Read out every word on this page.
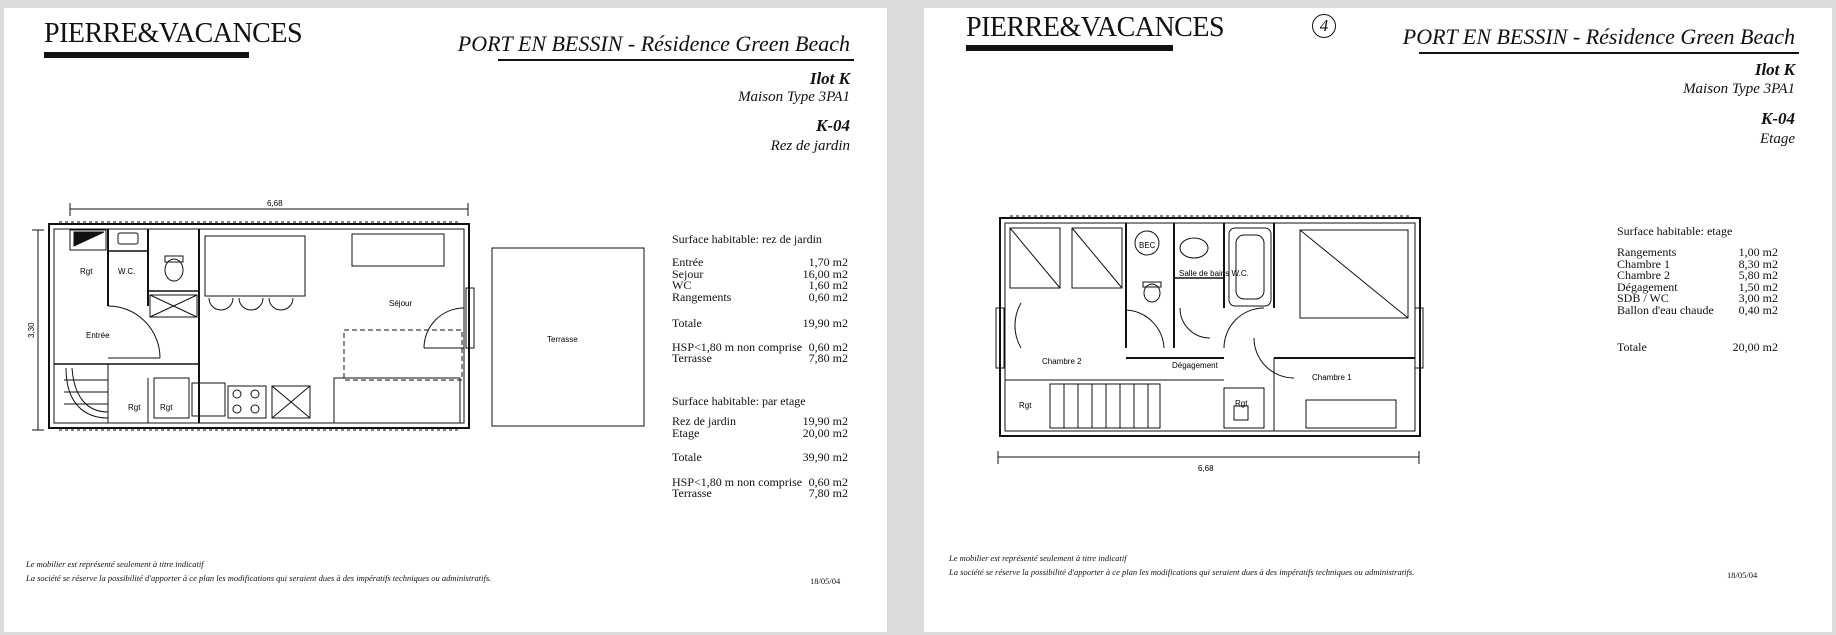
PIERRE&VACANCES	PORT EN BESSIN - Résidence Green Beach
Ilot K
Maison Type 3PA1
K-04
Rez de jardin
6,68
3,30
Rgt	W.C.
Entrée
Séjour
Terrasse
Rgt Rgt
Surface habitable: rez de jardin
Entrée	1,70 m2
Sejour	16,00 m2
WC	1,60 m2
Rangements	0,60 m2
Totale	19,90 m2
HSP<1,80 m non comprise 0,60 m2
Terrasse	7,80 m2
Surface habitable: par etage
Rez de jardin	19,90 m2
Etage	20,00 m2
Totale	39,90 m2
HSP<1,80 m non comprise 0,60 m2
Terrasse	7,80 m2
Le mobilier est représenté seulement à titre indicatif
La société se réserve la possibilité d'apporter à ce plan les modifications qui seraient dues à des impératifs techniques ou administratifs.	18/05/04
PIERRE&VACANCES	4	PORT EN BESSIN - Résidence Green Beach
Ilot K
Maison Type 3PA1
K-04
Etage
6,68
BEC
Salle de bains W.C.
Chambre 2	Dégagement
Chambre 1
Rgt	Rgt
Surface habitable: etage
Rangements	1,00 m2
Chambre 1	8,30 m2
Chambre 2	5,80 m2
Dégagement	1,50 m2
SDB / WC	3,00 m2
Ballon d'eau chaude 0,40 m2
Totale	20,00 m2
Le mobilier est représenté seulement à titre indicatif
La société se réserve la possibilité d'apporter à ce plan les modifications qui seraient dues à des impératifs techniques ou administratifs.	18/05/04
